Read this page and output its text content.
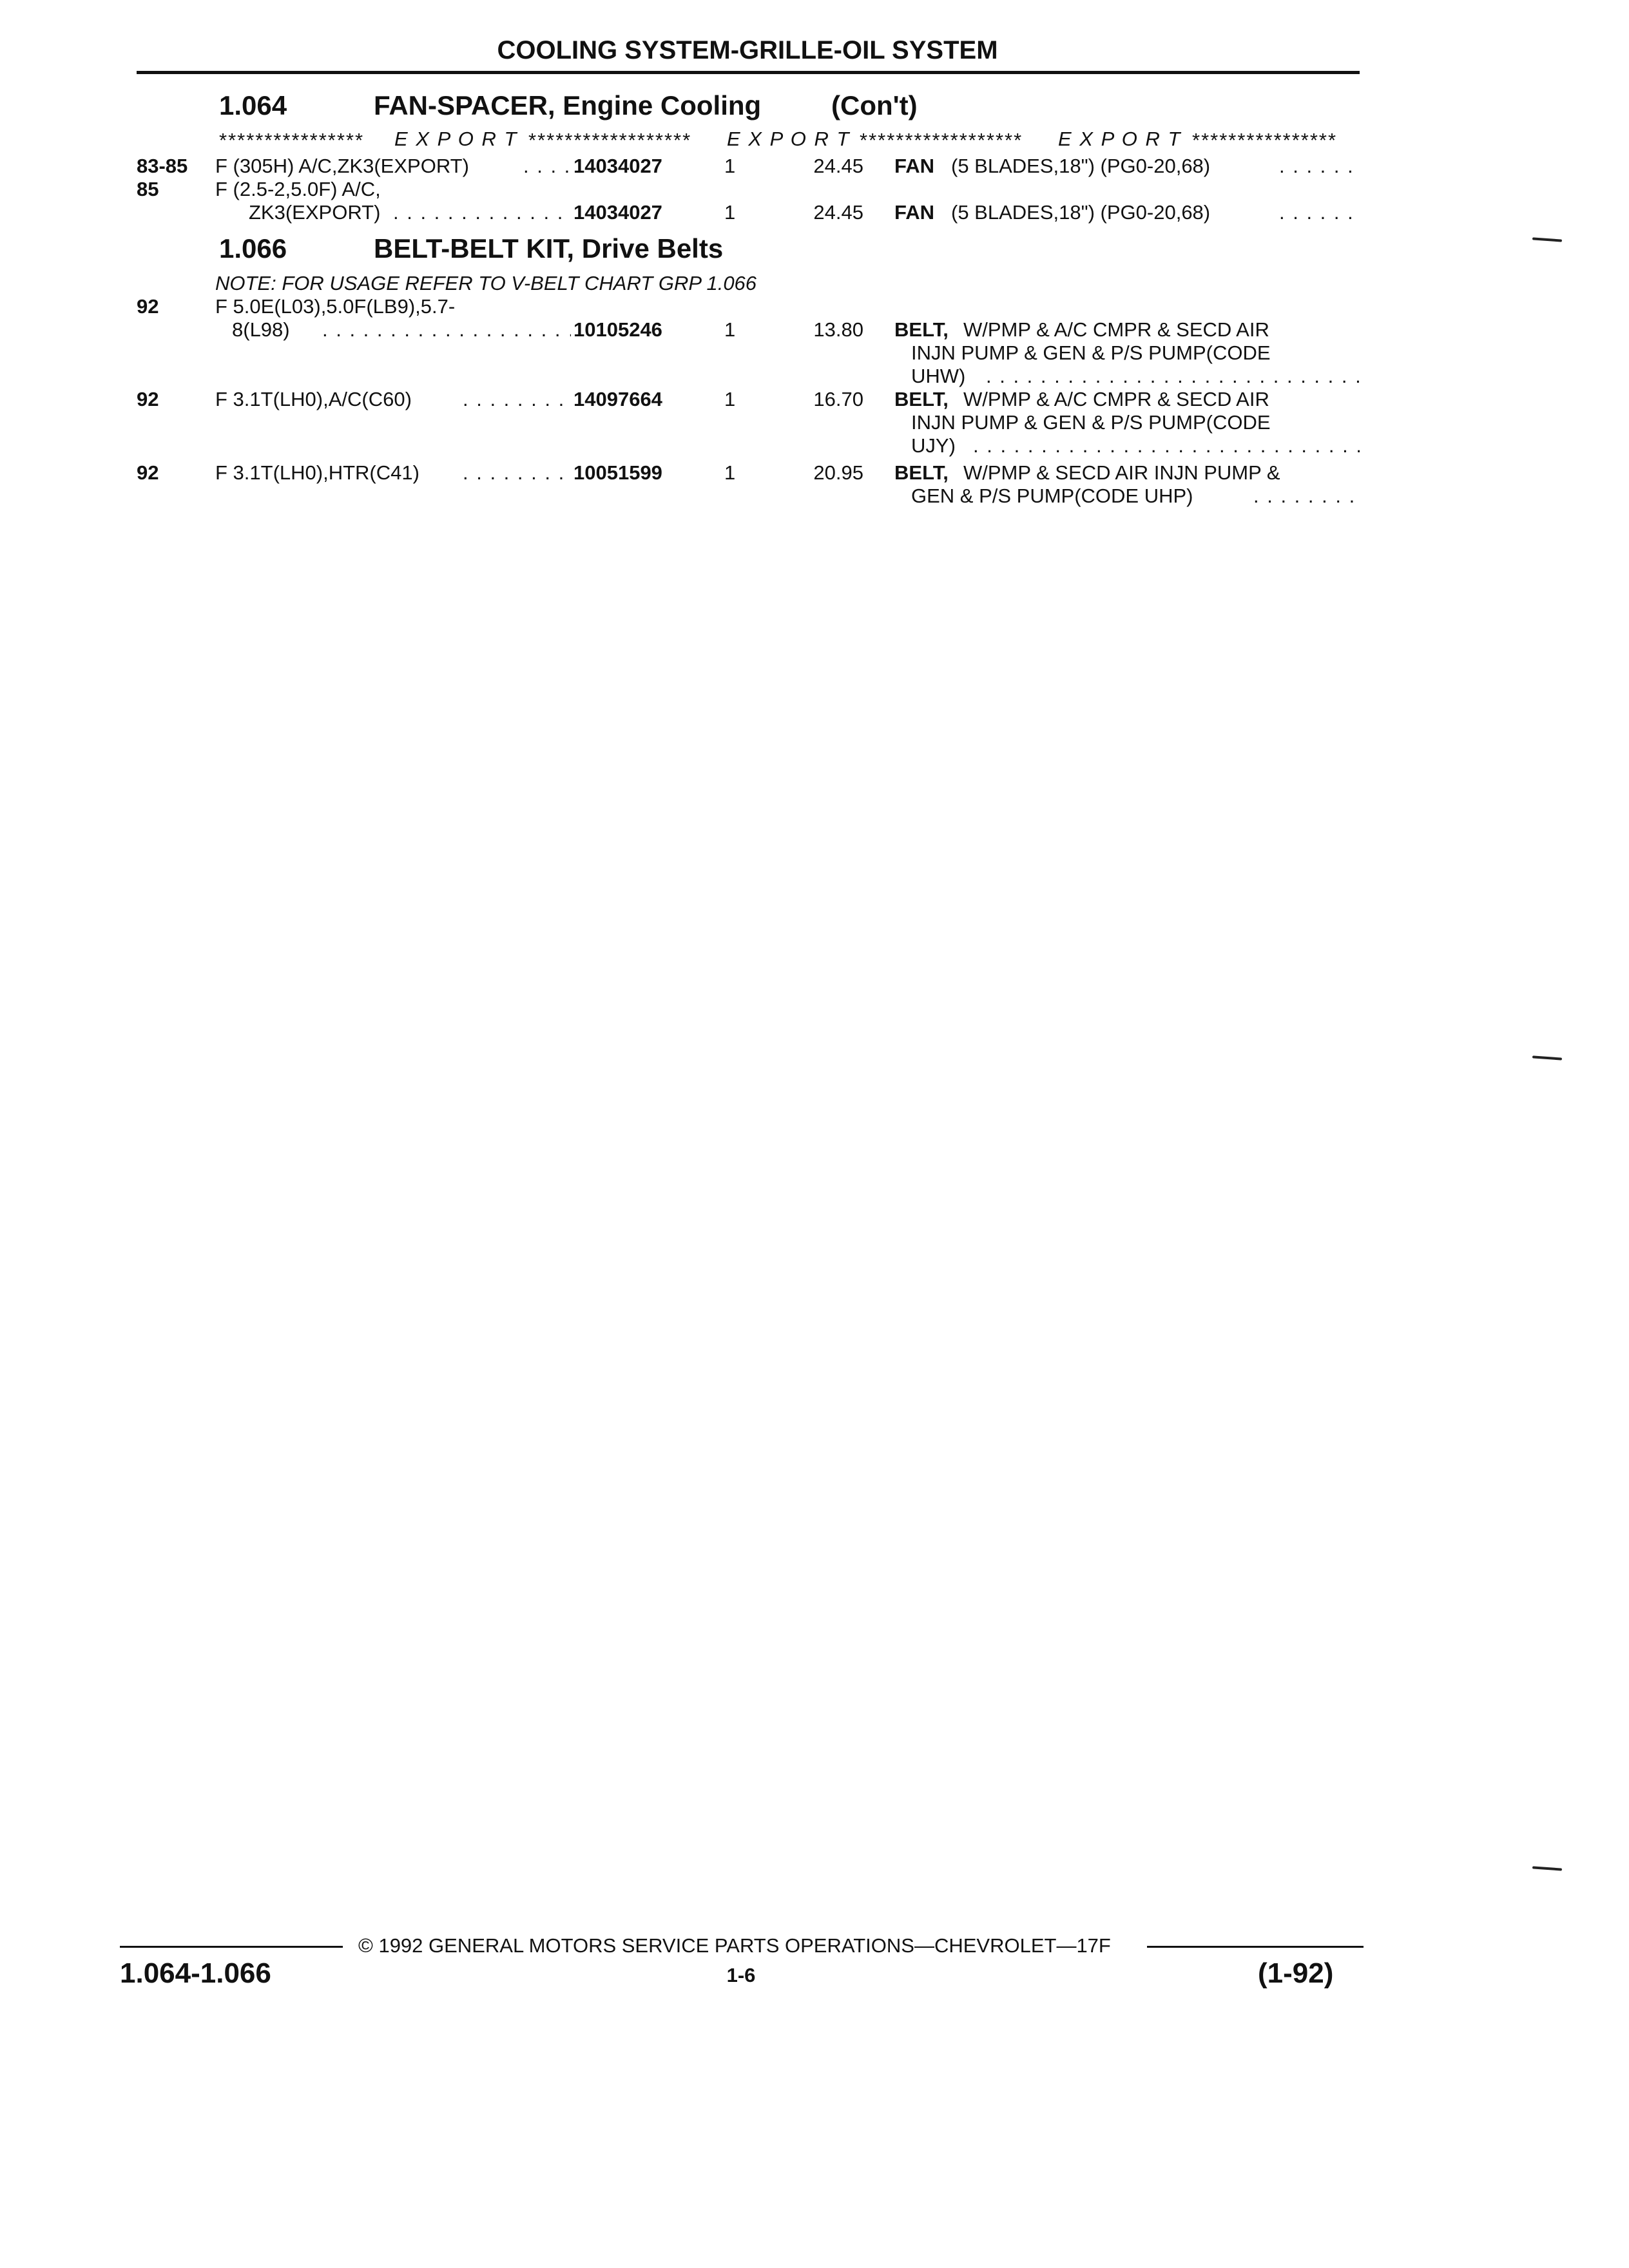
COOLING SYSTEM-GRILLE-OIL SYSTEM
1.064	FAN-SPACER, Engine Cooling	(Con't)
**************** E X P O R T ****************** E X P O R T ****************** E X P O R T ****************
83-85 F (305H) A/C,ZK3(EXPORT) . . .	14034027	1	24.45 FAN (5 BLADES,18") (PG0-20,68)
. . .
85	F (2.5-2,5.0F) A/C,
ZK3(EXPORT) . . .	14034027	1	24.45 FAN (5 BLADES,18") (PG0-20,68)
. . .
1.066	BELT-BELT KIT, Drive Belts
NOTE: FOR USAGE REFER TO V-BELT CHART GRP 1.066
92	F 5.0E(L03),5.0F(LB9),5.7-
8(L98) . . .	10105246	1	13.80 BELT, W/PMP & A/C CMPR & SECD AIR
INJN PUMP & GEN & P/S PUMP(CODE
UHW)
. . .
92	F 3.1T(LH0),A/C(C60) . . .	14097664	1	16.70 BELT, W/PMP & A/C CMPR & SECD AIR
INJN PUMP & GEN & P/S PUMP(CODE
UJY)
. . .
92	F 3.1T(LH0),HTR(C41) . . .	10051599	1	20.95 BELT, W/PMP & SECD AIR INJN PUMP &
GEN & P/S PUMP(CODE UHP)
. . .
© 1992 GENERAL MOTORS SERVICE PARTS OPERATIONS—CHEVROLET—17F
1.064-1.066	1-6	(1-92)
